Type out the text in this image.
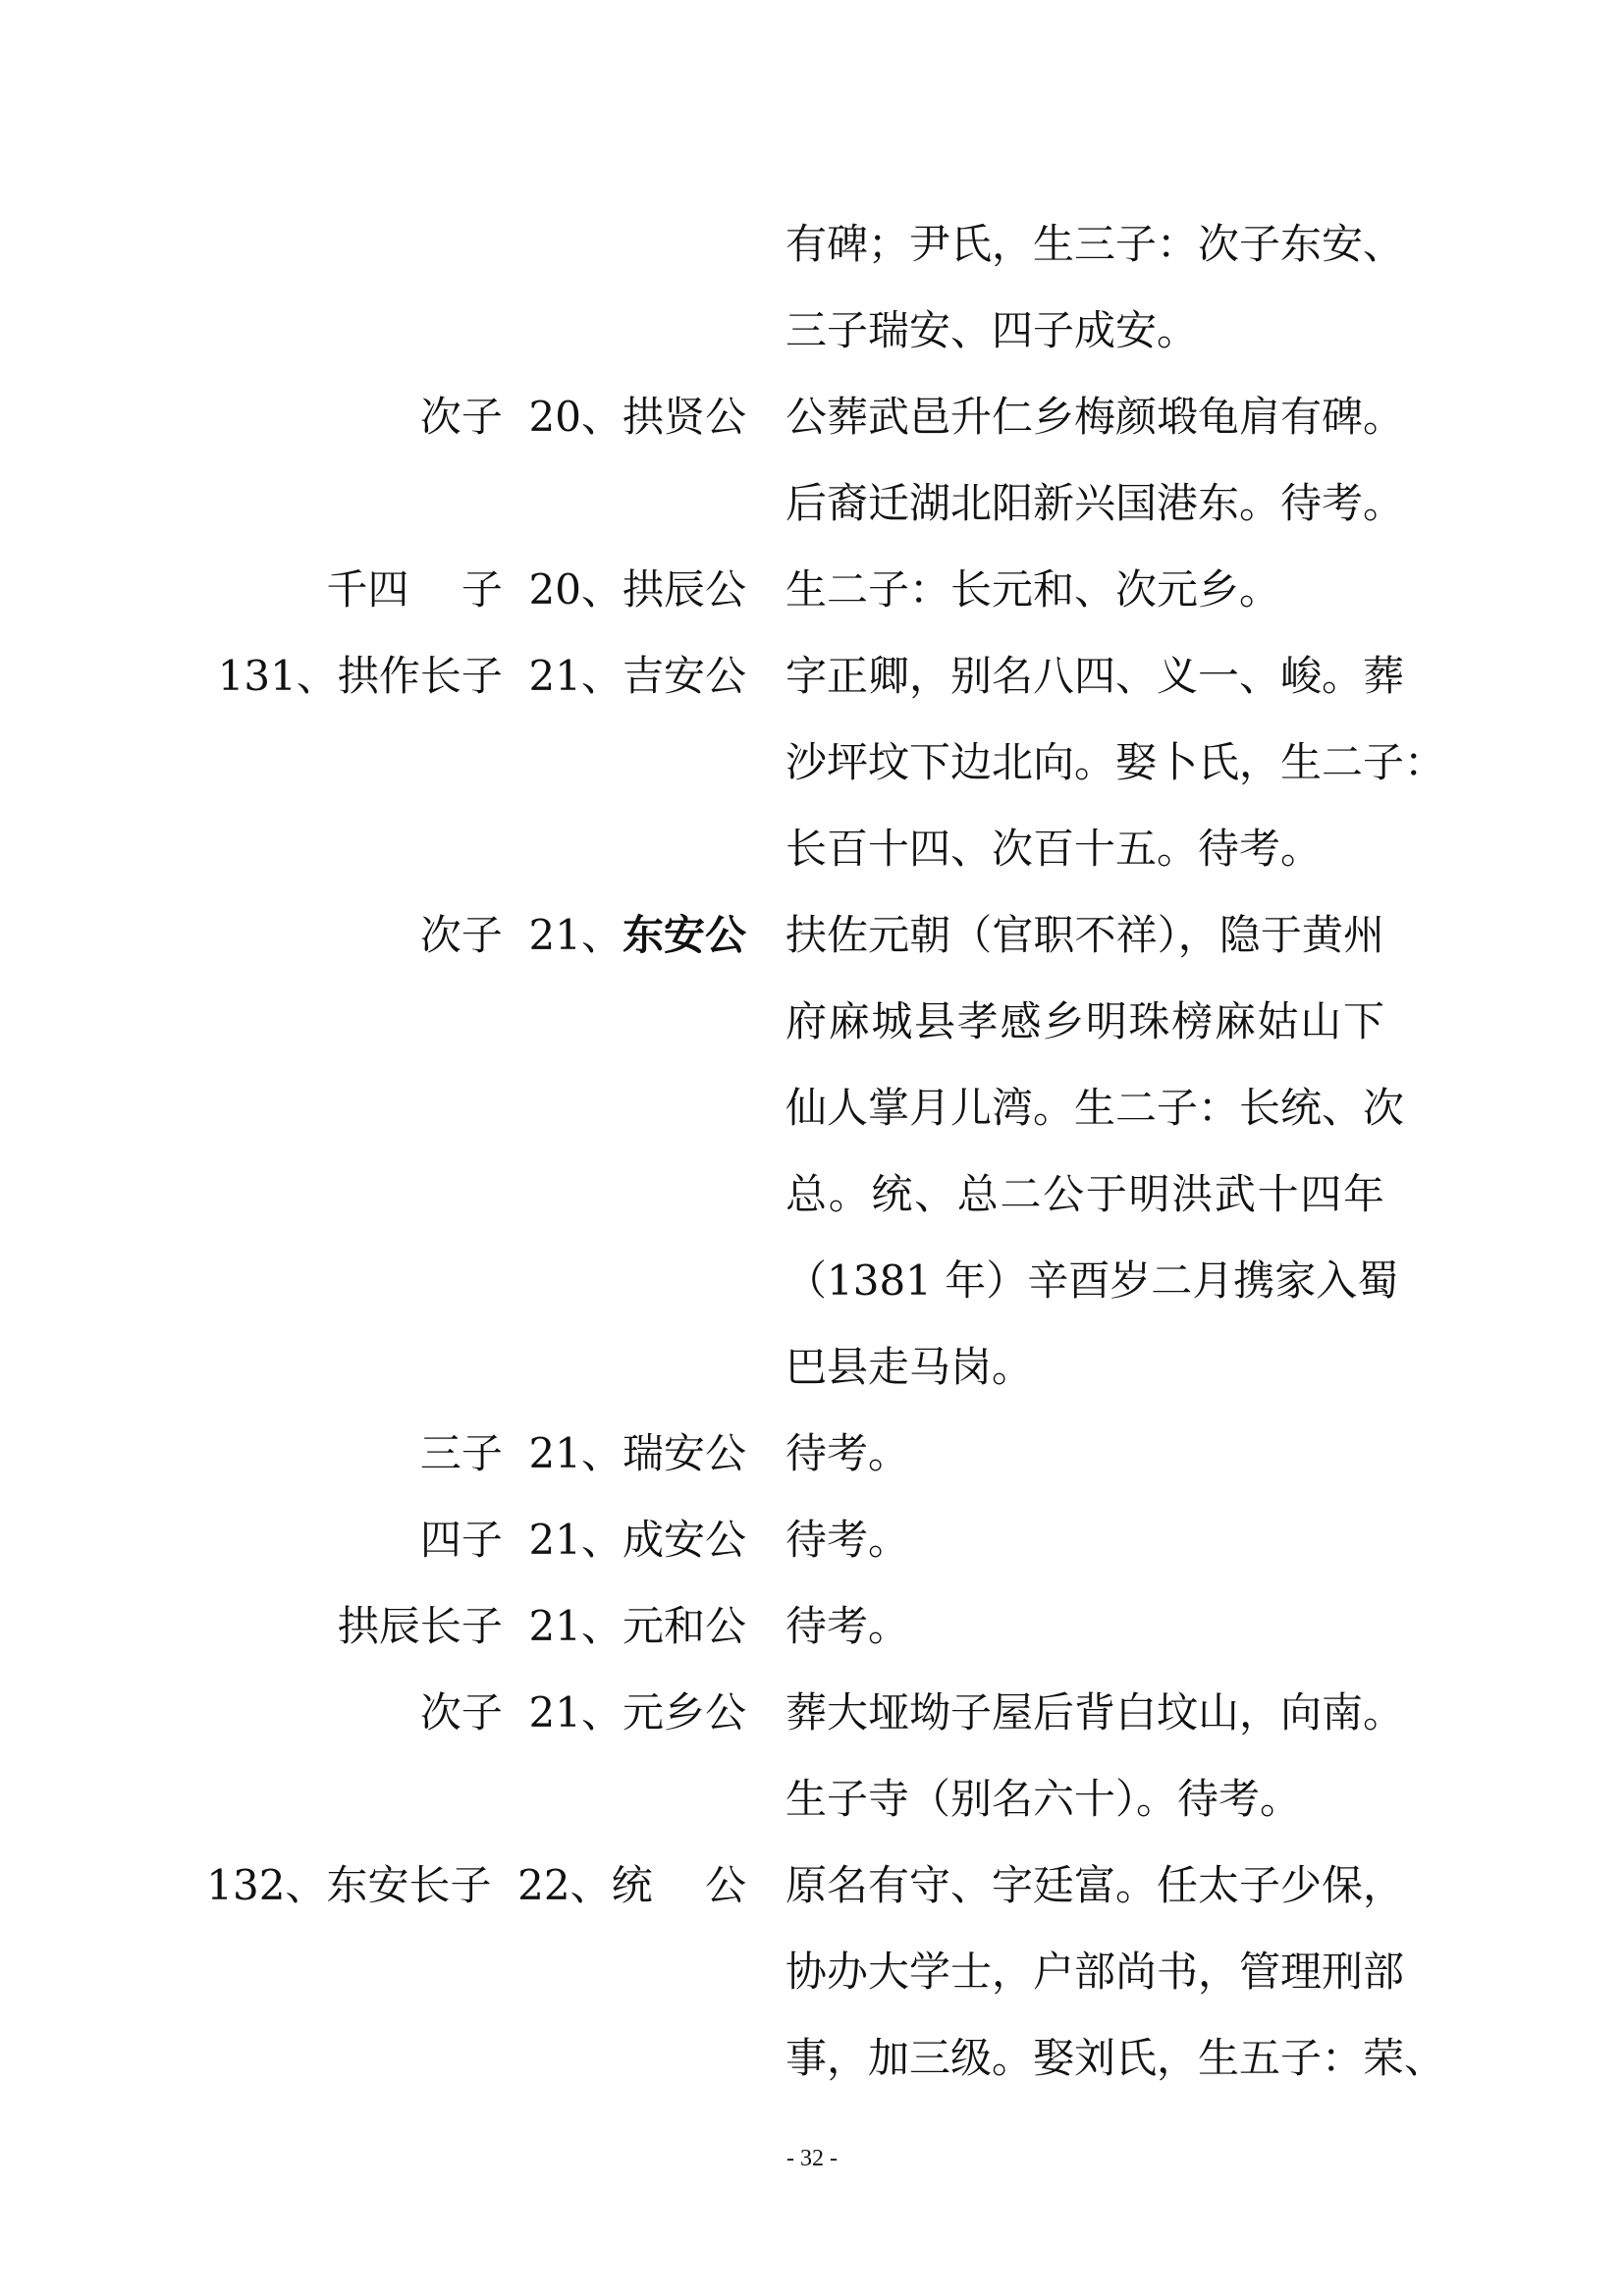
有碑；尹氏，生三子：次子东安、
三子瑞安、四子成安。
次子  20、拱贤公 公葬武邑升仁乡梅颜塅龟肩有碑。
后裔迁湖北阳新兴国港东。待考。
千四    子  20、拱辰公 生二子：长元和、次元乡。
131、拱作长子  21、吉安公 字正卿，别名八四、义一、峻。葬
沙坪坟下边北向。娶卜氏，生二子：
长百十四、次百十五。待考。
次子  21、东安公 扶佐元朝（官职不祥），隐于黄州
府麻城县孝感乡明珠榜麻姑山下
仙人掌月儿湾。生二子：长统、次
总。统、总二公于明洪武十四年
（1381 年）辛酉岁二月携家入蜀
巴县走马岗。
三子  21、瑞安公 待考。
四子  21、成安公 待考。
拱辰长子  21、元和公 待考。
次子  21、元乡公 葬大垭坳子屋后背白坟山，向南。
生子寺（别名六十）。待考。
132、东安长子  22、统    公 原名有守、字廷富。任太子少保，
协办大学士，户部尚书，管理刑部
事，加三级。娶刘氏，生五子：荣、
- 32 -
